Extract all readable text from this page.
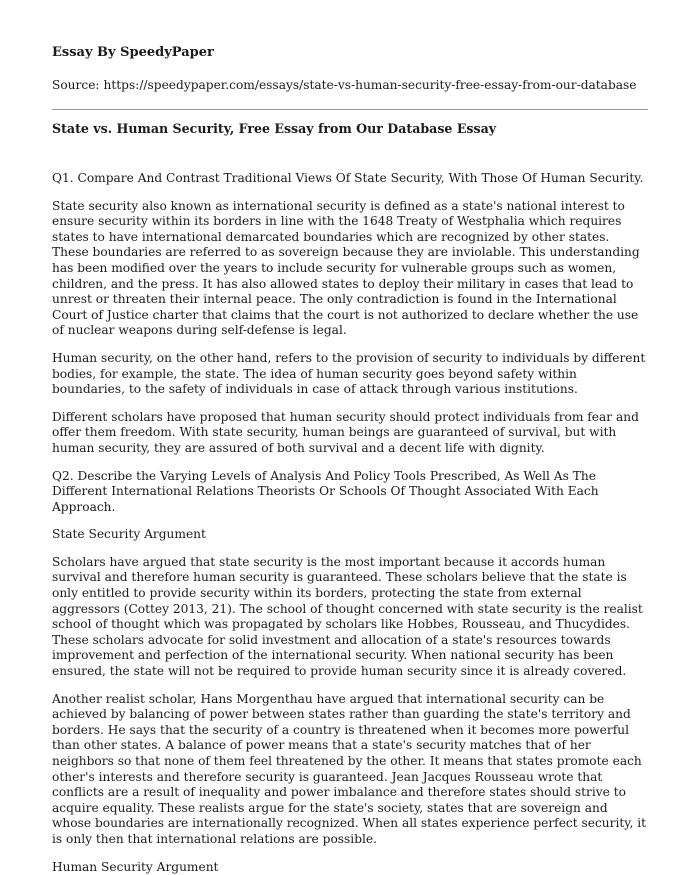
Essay By SpeedyPaper
Source: https://speedypaper.com/essays/state-vs-human-security-free-essay-from-our-database
State vs. Human Security, Free Essay from Our Database Essay

Q1. Compare And Contrast Traditional Views Of State Security, With Those Of Human Security.

State security also known as international security is defined as a state's national interest to ensure security within its borders in line with the 1648 Treaty of Westphalia which requires states to have international demarcated boundaries which are recognized by other states. These boundaries are referred to as sovereign because they are inviolable. This understanding has been modified over the years to include security for vulnerable groups such as women, children, and the press. It has also allowed states to deploy their military in cases that lead to unrest or threaten their internal peace. The only contradiction is found in the International Court of Justice charter that claims that the court is not authorized to declare whether the use of nuclear weapons during self-defense is legal.

Human security, on the other hand, refers to the provision of security to individuals by different bodies, for example, the state. The idea of human security goes beyond safety within boundaries, to the safety of individuals in case of attack through various institutions.

Different scholars have proposed that human security should protect individuals from fear and offer them freedom. With state security, human beings are guaranteed of survival, but with human security, they are assured of both survival and a decent life with dignity.

Q2. Describe the Varying Levels of Analysis And Policy Tools Prescribed, As Well As The Different International Relations Theorists Or Schools Of Thought Associated With Each Approach.

State Security Argument

Scholars have argued that state security is the most important because it accords human survival and therefore human security is guaranteed. These scholars believe that the state is only entitled to provide security within its borders, protecting the state from external aggressors (Cottey 2013, 21). The school of thought concerned with state security is the realist school of thought which was propagated by scholars like Hobbes, Rousseau, and Thucydides. These scholars advocate for solid investment and allocation of a state's resources towards improvement and perfection of the international security. When national security has been ensured, the state will not be required to provide human security since it is already covered.

Another realist scholar, Hans Morgenthau have argued that international security can be achieved by balancing of power between states rather than guarding the state's territory and borders. He says that the security of a country is threatened when it becomes more powerful than other states. A balance of power means that a state's security matches that of her neighbors so that none of them feel threatened by the other. It means that states promote each other's interests and therefore security is guaranteed. Jean Jacques Rousseau wrote that conflicts are a result of inequality and power imbalance and therefore states should strive to acquire equality. These realists argue for the state's society, states that are sovereign and whose boundaries are internationally recognized. When all states experience perfect security, it is only then that international relations are possible.

Human Security Argument
